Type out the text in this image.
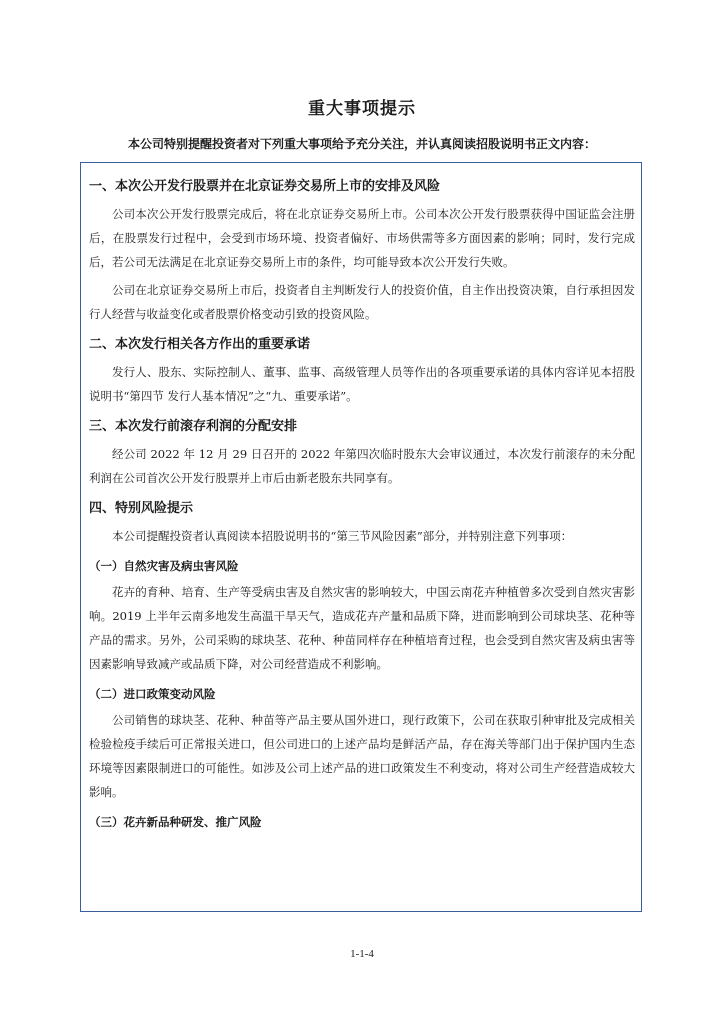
重大事项提示
本公司特别提醒投资者对下列重大事项给予充分关注，并认真阅读招股说明书正文内容：
一、本次公开发行股票并在北京证券交易所上市的安排及风险

公司本次公开发行股票完成后，将在北京证券交易所上市。公司本次公开发行股票获得中国证监会注册后，在股票发行过程中，会受到市场环境、投资者偏好、市场供需等多方面因素的影响；同时，发行完成后，若公司无法满足在北京证券交易所上市的条件，均可能导致本次公开发行失败。

公司在北京证券交易所上市后，投资者自主判断发行人的投资价值，自主作出投资决策，自行承担因发行人经营与收益变化或者股票价格变动引致的投资风险。

二、本次发行相关各方作出的重要承诺

发行人、股东、实际控制人、董事、监事、高级管理人员等作出的各项重要承诺的具体内容详见本招股说明书“第四节 发行人基本情况”之“九、重要承诺”。

三、本次发行前滚存利润的分配安排

经公司 2022 年 12 月 29 日召开的 2022 年第四次临时股东大会审议通过，本次发行前滚存的未分配利润在公司首次公开发行股票并上市后由新老股东共同享有。

四、特别风险提示

本公司提醒投资者认真阅读本招股说明书的“第三节风险因素”部分，并特别注意下列事项：

（一）自然灾害及病虫害风险

花卉的育种、培育、生产等受病虫害及自然灾害的影响较大，中国云南花卉种植曾多次受到自然灾害影响。2019 上半年云南多地发生高温干旱天气，造成花卉产量和品质下降，进而影响到公司球块茎、花种等产品的需求。另外，公司采购的球块茎、花种、种苗同样存在种植培育过程，也会受到自然灾害及病虫害等因素影响导致减产或品质下降，对公司经营造成不利影响。

（二）进口政策变动风险

公司销售的球块茎、花种、种苗等产品主要从国外进口，现行政策下，公司在获取引种审批及完成相关检验检疫手续后可正常报关进口，但公司进口的上述产品均是鲜活产品，存在海关等部门出于保护国内生态环境等因素限制进口的可能性。如涉及公司上述产品的进口政策发生不利变动，将对公司生产经营造成较大影响。

（三）花卉新品种研发、推广风险
1-1-4
